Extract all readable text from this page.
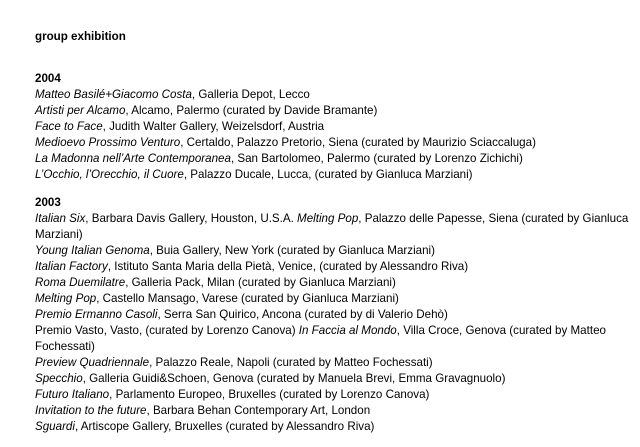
group exhibition

2004

Matteo Basilé+Giacomo Costa, Galleria Depot, Lecco

Artisti per Alcamo, Alcamo, Palermo (curated by Davide Bramante)

Face to Face, Judith Walter Gallery, Weizelsdorf, Austria

Medioevo Prossimo Venturo, Certaldo, Palazzo Pretorio, Siena (curated by Maurizio Sciaccaluga)

La Madonna nell’Arte Contemporanea, San Bartolomeo, Palermo (curated by Lorenzo Zichichi)

L’Occhio, l’Orecchio, il Cuore, Palazzo Ducale, Lucca, (curated by Gianluca Marziani)

2003

Italian Six, Barbara Davis Gallery, Houston, U.S.A. Melting Pop, Palazzo delle Papesse, Siena (curated by Gianluca Marziani)

Young Italian Genoma, Buia Gallery, New York (curated by Gianluca Marziani)

Italian Factory, Istituto Santa Maria della Pietà, Venice, (curated by Alessandro Riva)

Roma Duemilatre, Galleria Pack, Milan (curated by Gianluca Marziani)

Melting Pop, Castello Mansago, Varese (curated by Gianluca Marziani)

Premio Ermanno Casoli, Serra San Quirico, Ancona (curated by di Valerio Dehò)

Premio Vasto, Vasto, (curated by Lorenzo Canova) In Faccia al Mondo, Villa Croce, Genova (curated by Matteo Fochessati)

Preview Quadriennale, Palazzo Reale, Napoli (curated by Matteo Fochessati)

Specchio, Galleria Guidi&Schoen, Genova (curated by Manuela Brevi, Emma Gravagnuolo)

Futuro Italiano, Parlamento Europeo, Bruxelles (curated by Lorenzo Canova)

Invitation to the future, Barbara Behan Contemporary Art, London

Sguardi, Artiscope Gallery, Bruxelles (curated by Alessandro Riva)
